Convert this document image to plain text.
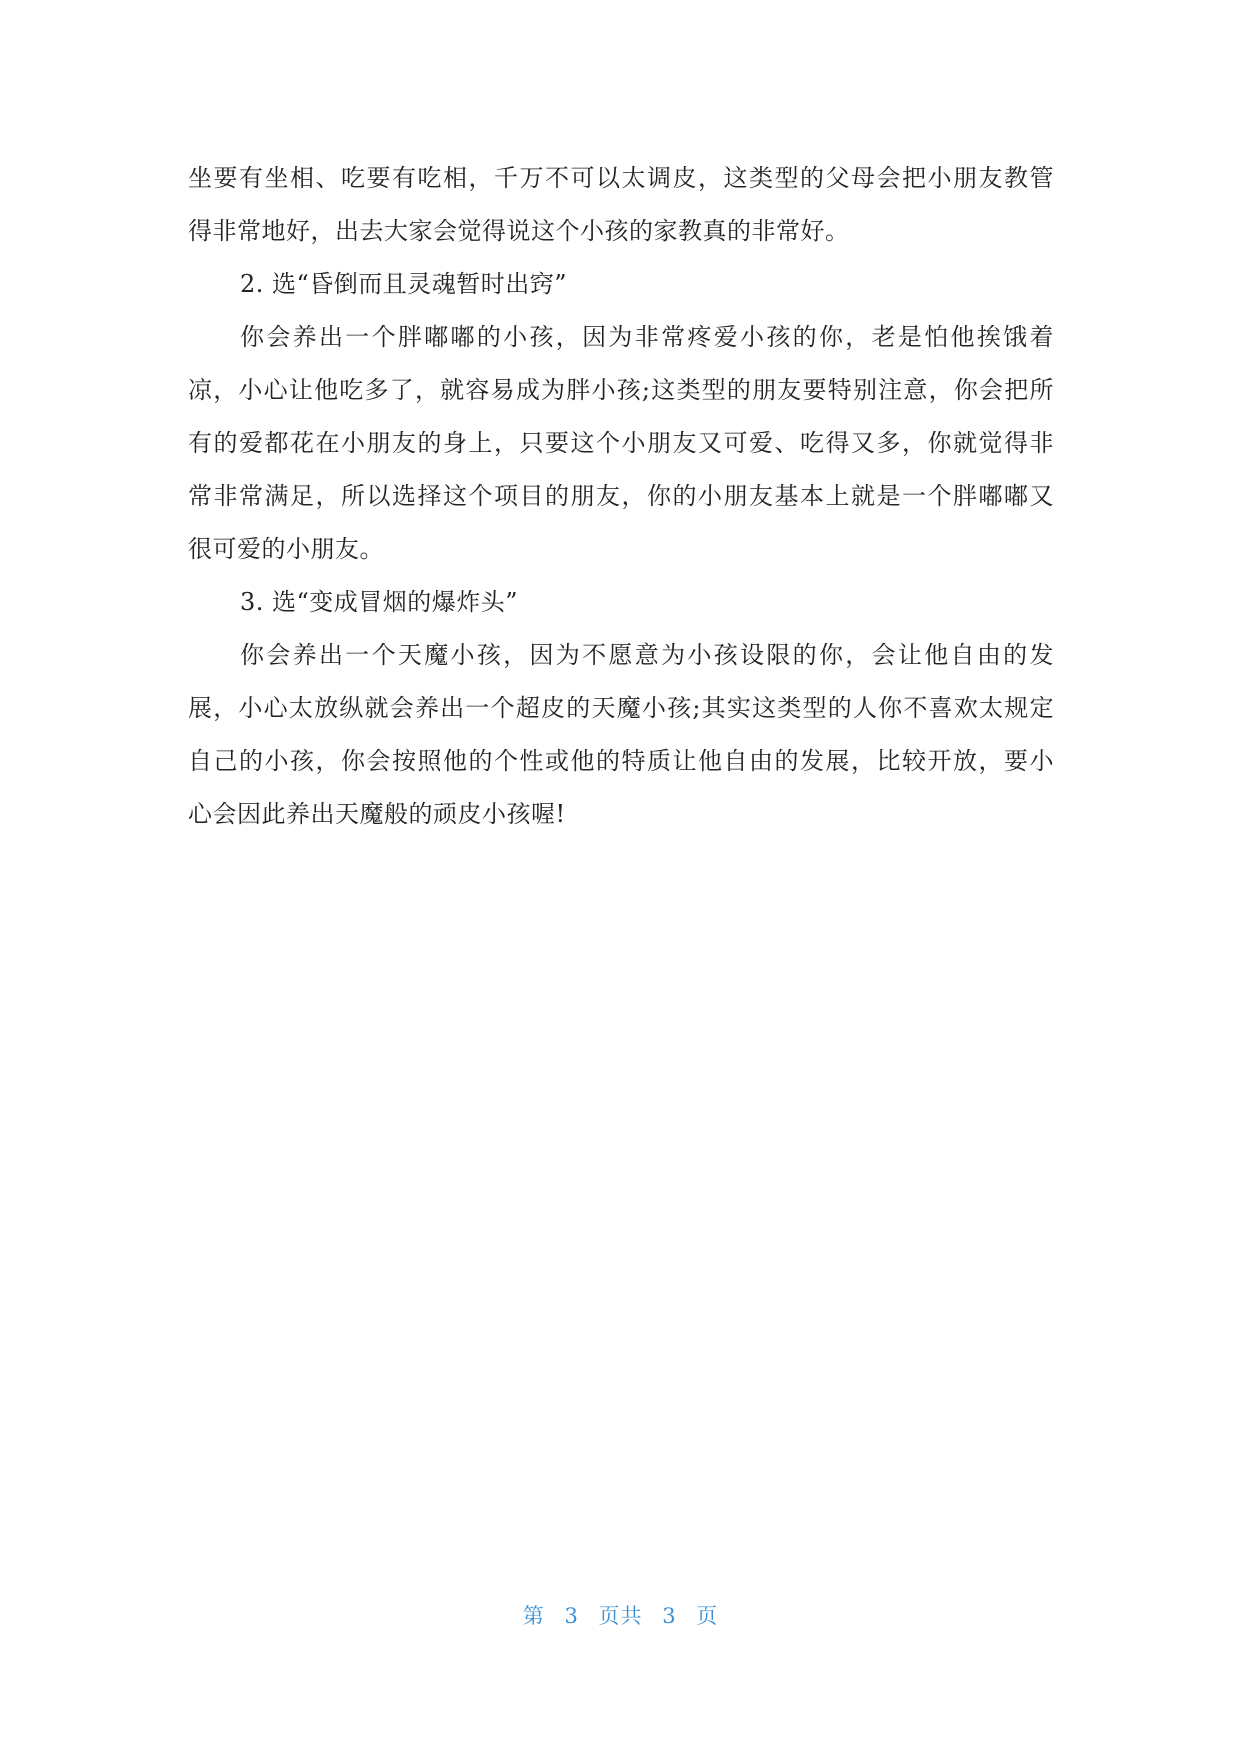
坐要有坐相、吃要有吃相，千万不可以太调皮，这类型的父母会把小朋友教管
得非常地好，出去大家会觉得说这个小孩的家教真的非常好。
2. 选“昏倒而且灵魂暂时出窍”
你会养出一个胖嘟嘟的小孩，因为非常疼爱小孩的你，老是怕他挨饿着
凉，小心让他吃多了，就容易成为胖小孩;这类型的朋友要特别注意，你会把所
有的爱都花在小朋友的身上，只要这个小朋友又可爱、吃得又多，你就觉得非
常非常满足，所以选择这个项目的朋友，你的小朋友基本上就是一个胖嘟嘟又
很可爱的小朋友。
3. 选“变成冒烟的爆炸头”
你会养出一个天魔小孩，因为不愿意为小孩设限的你，会让他自由的发
展，小心太放纵就会养出一个超皮的天魔小孩;其实这类型的人你不喜欢太规定
自己的小孩，你会按照他的个性或他的特质让他自由的发展，比较开放，要小
心会因此养出天魔般的顽皮小孩喔!
第 3 页共 3 页
